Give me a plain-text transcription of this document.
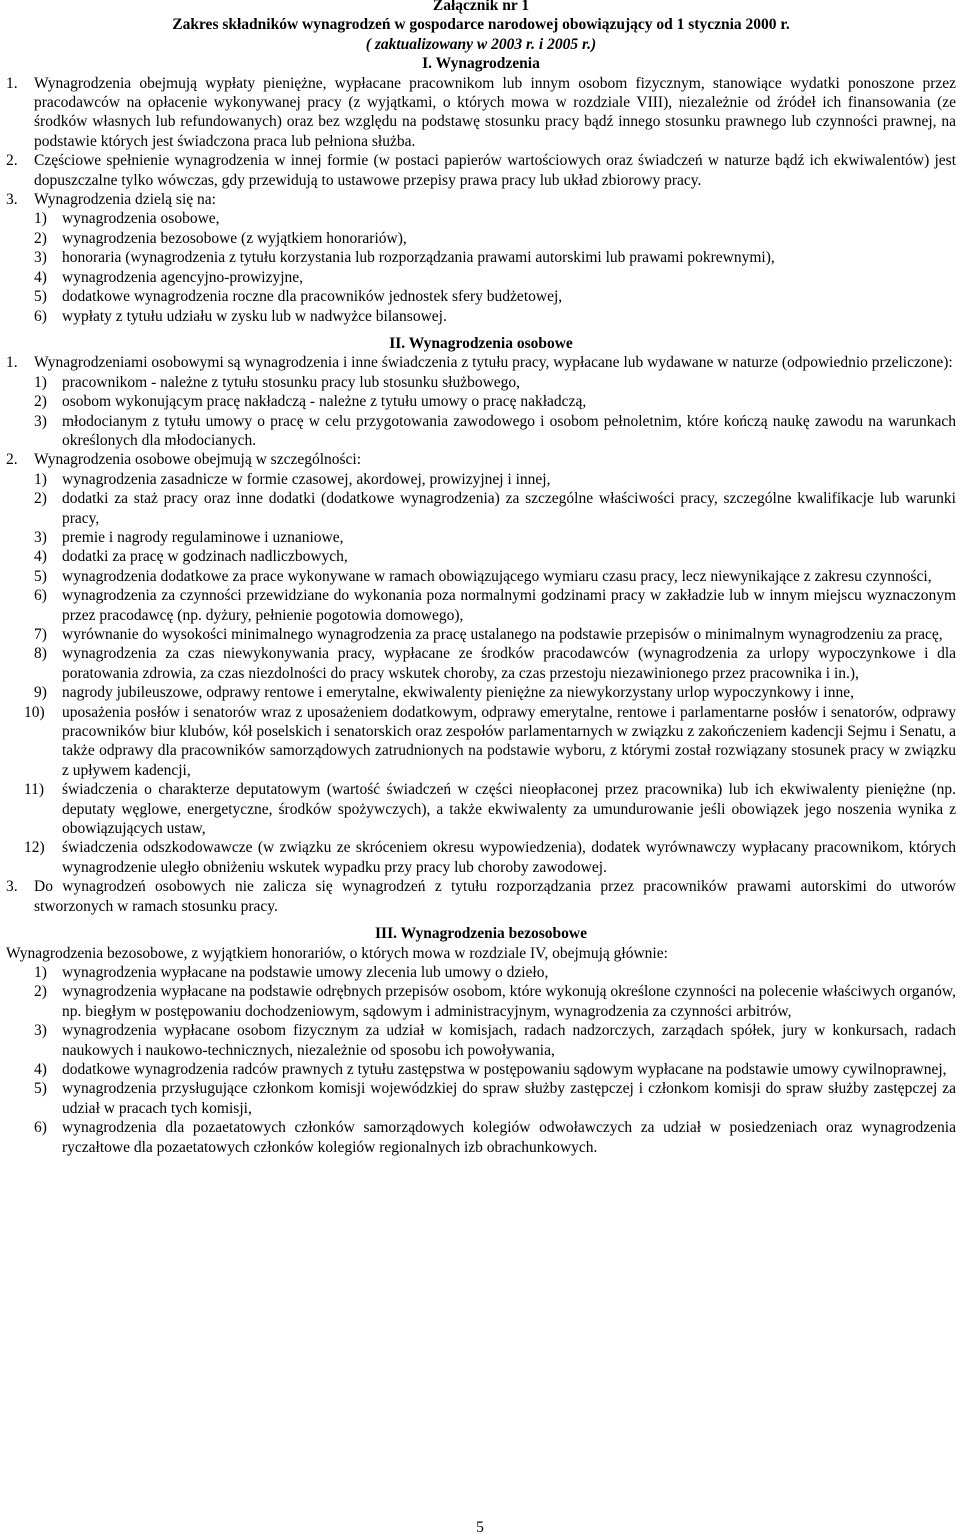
Załącznik nr 1
Zakres składników wynagrodzeń w gospodarce narodowej obowiązujący od 1 stycznia 2000 r.
( zaktualizowany w 2003 r. i 2005 r.)
I. Wynagrodzenia
1.	Wynagrodzenia obejmują wypłaty pieniężne, wypłacane pracownikom lub innym osobom fizycznym, stanowiące wydatki ponoszone przez pracodawców na opłacenie wykonywanej pracy (z wyjątkami, o których mowa w rozdziale VIII), niezależnie od źródeł ich finansowania (ze środków własnych lub refundowanych) oraz bez względu na podstawę stosunku pracy bądź innego stosunku prawnego lub czynności prawnej, na podstawie których jest świadczona praca lub pełniona służba.
2.	Częściowe spełnienie wynagrodzenia w innej formie (w postaci papierów wartościowych oraz świadczeń w naturze bądź ich ekwiwalentów) jest dopuszczalne tylko wówczas, gdy przewidują to ustawowe przepisy prawa pracy lub układ zbiorowy pracy.
3.	Wynagrodzenia dzielą się na:
1) wynagrodzenia osobowe,
2) wynagrodzenia bezosobowe (z wyjątkiem honorariów),
3) honoraria (wynagrodzenia z tytułu korzystania lub rozporządzania prawami autorskimi lub prawami pokrewnymi),
4) wynagrodzenia agencyjno-prowizyjne,
5) dodatkowe wynagrodzenia roczne dla pracowników jednostek sfery budżetowej,
6) wypłaty z tytułu udziału w zysku lub w nadwyżce bilansowej.
II. Wynagrodzenia osobowe
1.	Wynagrodzeniami osobowymi są wynagrodzenia i inne świadczenia z tytułu pracy, wypłacane lub wydawane w naturze (odpowiednio przeliczone):
1) pracownikom - należne z tytułu stosunku pracy lub stosunku służbowego,
2) osobom wykonującym pracę nakładczą - należne z tytułu umowy o pracę nakładczą,
3) młodocianym z tytułu umowy o pracę w celu przygotowania zawodowego i osobom pełnoletnim, które kończą naukę zawodu na warunkach określonych dla młodocianych.
2.	Wynagrodzenia osobowe obejmują w szczególności:
1) wynagrodzenia zasadnicze w formie czasowej, akordowej, prowizyjnej i innej,
2) dodatki za staż pracy oraz inne dodatki (dodatkowe wynagrodzenia) za szczególne właściwości pracy, szczególne kwalifikacje lub warunki pracy,
3) premie i nagrody regulaminowe i uznaniowe,
4) dodatki za pracę w godzinach nadliczbowych,
5) wynagrodzenia dodatkowe za prace wykonywane w ramach obowiązującego wymiaru czasu pracy, lecz niewynikające z zakresu czynności,
6) wynagrodzenia za czynności przewidziane do wykonania poza normalnymi godzinami pracy w zakładzie lub w innym miejscu wyznaczonym przez pracodawcę (np. dyżury, pełnienie pogotowia domowego),
7) wyrównanie do wysokości minimalnego wynagrodzenia za pracę ustalanego na podstawie przepisów o minimalnym wynagrodzeniu za pracę,
8) wynagrodzenia za czas niewykonywania pracy, wypłacane ze środków pracodawców (wynagrodzenia za urlopy wypoczynkowe i dla poratowania zdrowia, za czas niezdolności do pracy wskutek choroby, za czas przestoju niezawinionego przez pracownika i in.),
9) nagrody jubileuszowe, odprawy rentowe i emerytalne, ekwiwalenty pieniężne za niewykorzystany urlop wypoczynkowy i inne,
10)	uposażenia posłów i senatorów wraz z uposażeniem dodatkowym, odprawy emerytalne, rentowe i parlamentarne posłów i senatorów, odprawy pracowników biur klubów, kół poselskich i senatorskich oraz zespołów parlamentarnych w związku z zakończeniem kadencji Sejmu i Senatu, a także odprawy dla pracowników samorządowych zatrudnionych na podstawie wyboru, z którymi został rozwiązany stosunek pracy w związku z upływem kadencji,
11)	świadczenia o charakterze deputatowym (wartość świadczeń w części nieopłaconej przez pracownika) lub ich ekwiwalenty pieniężne (np. deputaty węglowe, energetyczne, środków spożywczych), a także ekwiwalenty za umundurowanie jeśli obowiązek jego noszenia wynika z obowiązujących ustaw,
12)	świadczenia odszkodowawcze (w związku ze skróceniem okresu wypowiedzenia), dodatek wyrównawczy wypłacany pracownikom, których wynagrodzenie uległo obniżeniu wskutek wypadku przy pracy lub choroby zawodowej.
3.	Do wynagrodzeń osobowych nie zalicza się wynagrodzeń z tytułu rozporządzania przez pracowników prawami autorskimi do utworów stworzonych w ramach stosunku pracy.
III. Wynagrodzenia bezosobowe
Wynagrodzenia bezosobowe, z wyjątkiem honorariów, o których mowa w rozdziale IV, obejmują głównie:
1) wynagrodzenia wypłacane na podstawie umowy zlecenia lub umowy o dzieło,
2) wynagrodzenia wypłacane na podstawie odrębnych przepisów osobom, które wykonują określone czynności na polecenie właściwych organów, np. biegłym w postępowaniu dochodzeniowym, sądowym i administracyjnym, wynagrodzenia za czynności arbitrów,
3) wynagrodzenia wypłacane osobom fizycznym za udział w komisjach, radach nadzorczych, zarządach spółek, jury w konkursach, radach naukowych i naukowo-technicznych, niezależnie od sposobu ich powoływania,
4) dodatkowe wynagrodzenia radców prawnych z tytułu zastępstwa w postępowaniu sądowym wypłacane na podstawie umowy cywilnoprawnej,
5) wynagrodzenia przysługujące członkom komisji wojewódzkiej do spraw służby zastępczej i członkom komisji do spraw służby zastępczej za udział w pracach tych komisji,
6) wynagrodzenia dla pozaetatowych członków samorządowych kolegiów odwoławczych za udział w posiedzeniach oraz wynagrodzenia ryczałtowe dla pozaetatowych członków kolegiów regionalnych izb obrachunkowych.
5
